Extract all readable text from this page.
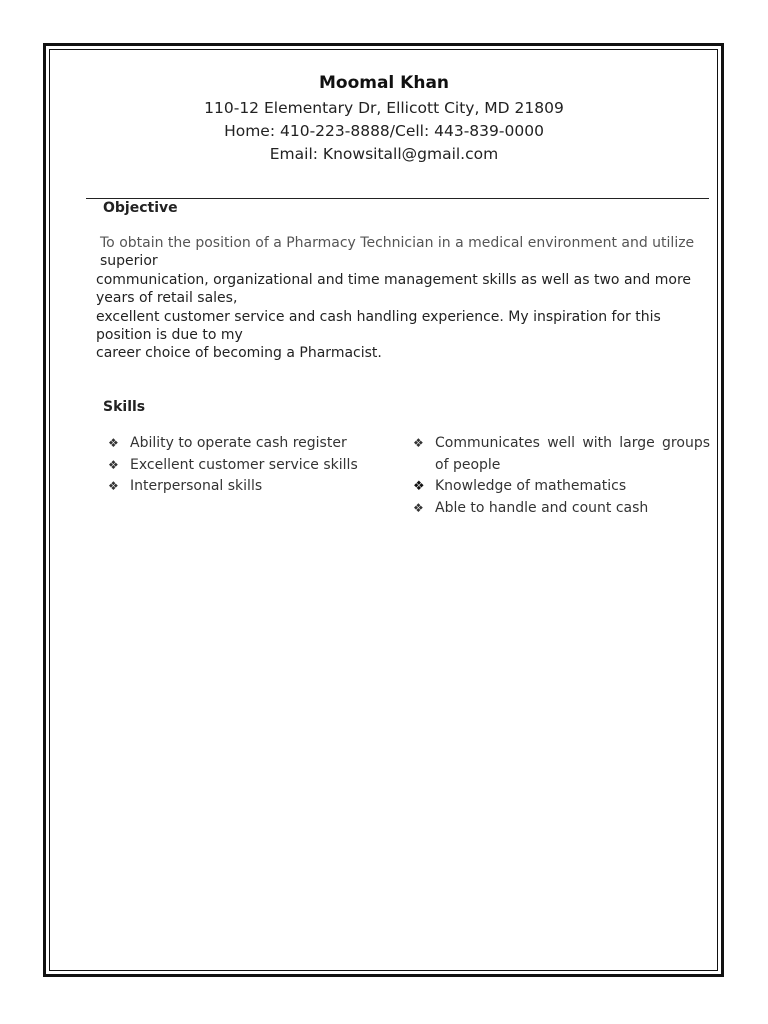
Moomal Khan
110-12 Elementary Dr, Ellicott City, MD 21809
Home: 410-223-8888/Cell: 443-839-0000
Email: Knowsitall@gmail.com
Objective

To obtain the position of a Pharmacy Technician in a medical environment and utilize superior

communication, organizational and time management skills as well as two and more years of retail sales,

excellent customer service and cash handling experience. My inspiration for this position is due to my

career choice of becoming a Pharmacist.

Skills
❖ Ability to operate cash register
❖ Excellent customer service skills
❖ Interpersonal skills
❖ Communicates well with large groups of people
❖ Knowledge of mathematics
❖ Able to handle and count cash
